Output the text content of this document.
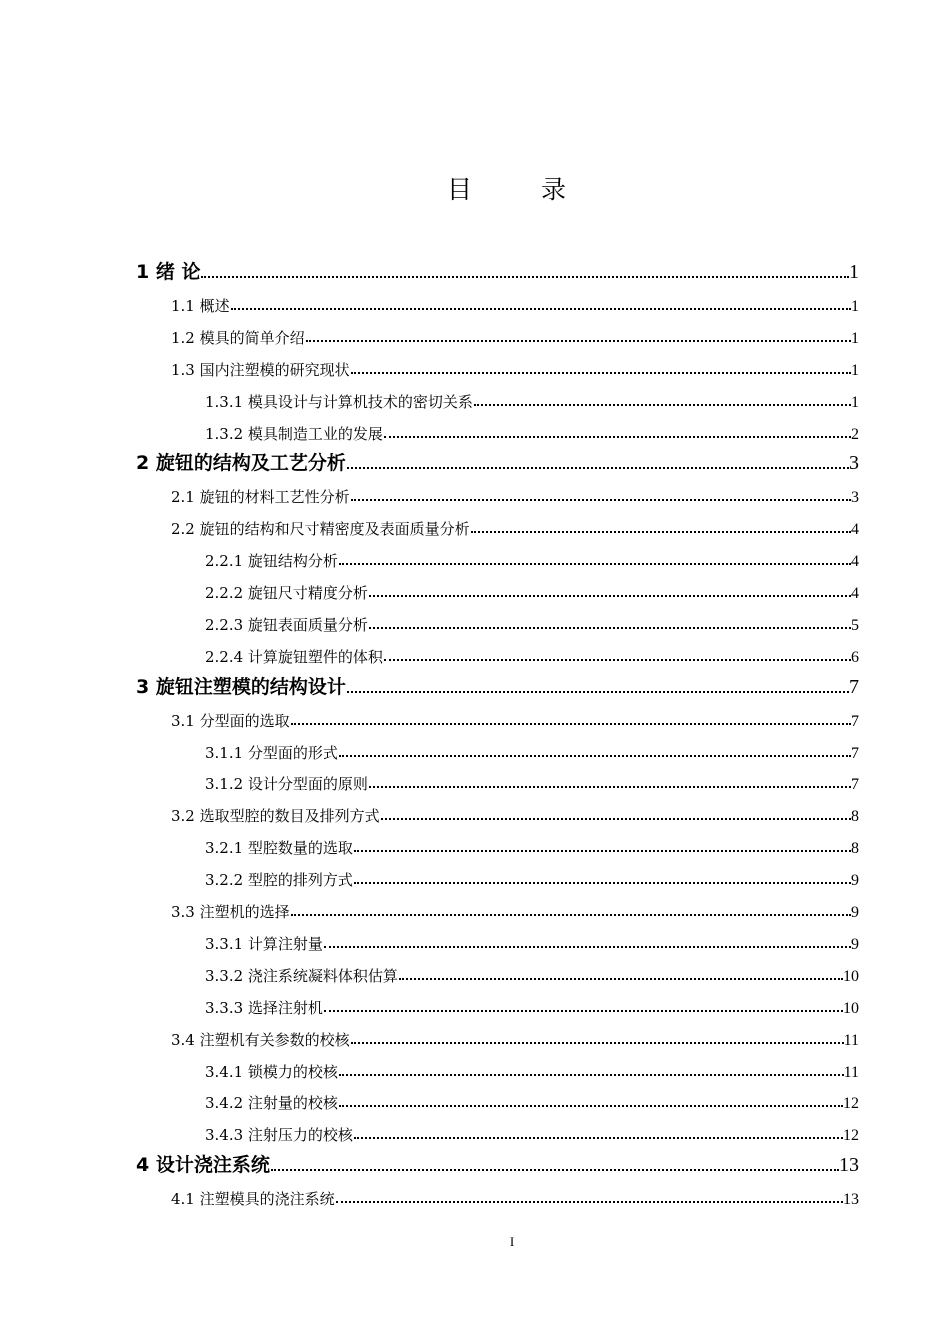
目　录
1 绪 论	1
1.1 概述	1
1.2 模具的简单介绍	1
1.3 国内注塑模的研究现状	1
1.3.1 模具设计与计算机技术的密切关系	1
1.3.2 模具制造工业的发展	2
2 旋钮的结构及工艺分析	3
2.1 旋钮的材料工艺性分析	3
2.2 旋钮的结构和尺寸精密度及表面质量分析	4
2.2.1 旋钮结构分析	4
2.2.2 旋钮尺寸精度分析	4
2.2.3 旋钮表面质量分析	5
2.2.4 计算旋钮塑件的体积	6
3 旋钮注塑模的结构设计	7
3.1 分型面的选取	7
3.1.1 分型面的形式	7
3.1.2 设计分型面的原则	7
3.2 选取型腔的数目及排列方式	8
3.2.1 型腔数量的选取	8
3.2.2 型腔的排列方式	9
3.3 注塑机的选择	9
3.3.1 计算注射量	9
3.3.2 浇注系统凝料体积估算	10
3.3.3 选择注射机	10
3.4 注塑机有关参数的校核	11
3.4.1 锁模力的校核	11
3.4.2 注射量的校核	12
3.4.3 注射压力的校核	12
4 设计浇注系统	13
4.1 注塑模具的浇注系统	13
I
